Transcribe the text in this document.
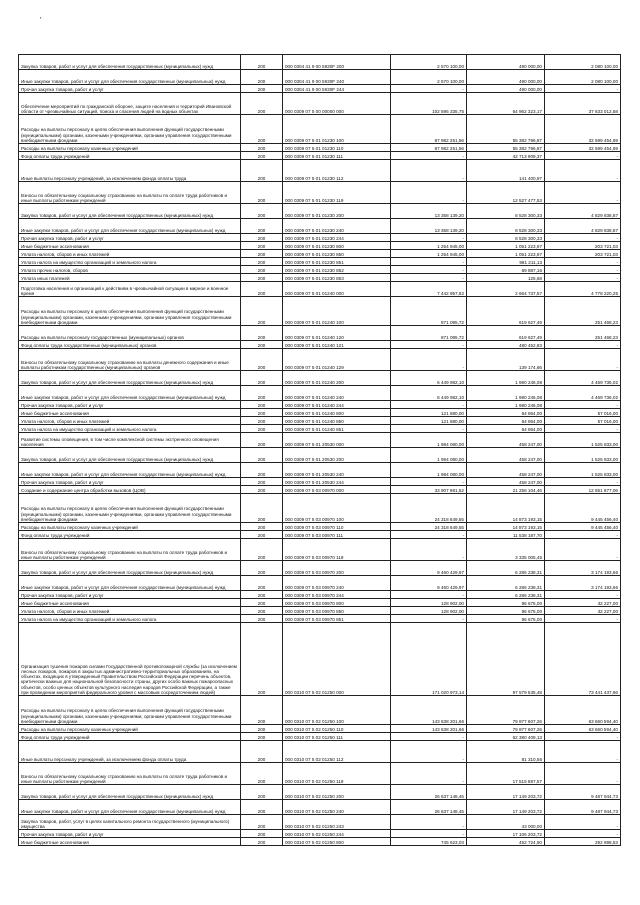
'
Закупка товаров, работ и услуг для обеспечения государственных (муниципальных) нужд	200	000 0304 41 9 00 5930F 200	2 570 100,00	490 000,00	2 080 100,00
Иные закупки товаров, работ и услуг для обеспечения государственных (муниципальных) нужд	200	000 0304 41 9 00 5930F 240	2 570 100,00	490 000,00	2 080 100,00
Прочая закупка товаров, работ и услуг	200	000 0304 41 9 00 5930F 244	-	490 000,00	-
Обеспечение мероприятий по гражданской обороне, защите населения и территорий Ивановской области от чрезвычайных ситуаций, поиска и спасения людей на водных объектах	200	000 0309 07 5 00 00000 000	102 595 335,75	64 962 323,17	37 633 012,58
Расходы на выплаты персоналу в целях обеспечения выполнения функций государственными (муниципальными) органами, казенными учреждениями, органами управления государственными внебюджетными фондами	200	000 0309 07 5 01 01230 100	87 982 251,56	55 382 796,87	32 599 454,69
Расходы на выплаты персоналу казенных учреждений	200	000 0309 07 5 01 01230 110	87 982 251,56	55 382 796,87	32 599 454,69
Фонд оплаты труда учреждений	200	000 0309 07 5 01 01230 111	-	42 713 909,37	-
Иные выплаты персоналу учреждений, за исключением фонда оплаты труда	200	000 0309 07 5 01 01230 112	-	141 400,97	-
Взносы по обязательному социальному страхованию на выплаты по оплате труда работников и иные выплаты работникам учреждений	200	000 0309 07 5 01 01230 119	-	12 527 477,53	-
Закупка товаров, работ и услуг для обеспечения государственных (муниципальных) нужд	200	000 0309 07 5 01 01230 200	13 358 139,20	8 528 300,33	4 829 838,87
Иные закупки товаров, работ и услуг для обеспечения государственных (муниципальных) нужд	200	000 0309 07 5 01 01230 240	13 358 139,20	8 528 300,33	4 829 838,87
Прочая закупка товаров, работ и услуг	200	000 0309 07 5 01 01230 244	-	8 528 300,33	-
Иные бюджетные ассигнования	200	000 0309 07 5 01 01230 800	1 254 945,00	1 051 223,97	203 721,03
Уплата налогов, сборов и иных платежей	200	000 0309 07 5 01 01230 850	1 254 945,00	1 051 223,97	203 721,03
Уплата налога на имущество организаций и земельного налога	200	000 0309 07 5 01 01230 851	-	981 211,13	-
Уплата прочих налогов, сборов	200	000 0309 07 5 01 01230 852	-	69 887,16	-
Уплата иных платежей	200	000 0309 07 5 01 01230 853	-	125,68	-
Подготовка населения и организаций к действиям в чрезвычайной ситуации в мирное и военное время	200	000 0309 07 5 01 01240 000	7 442 957,82	2 664 737,57	4 778 220,25
Расходы на выплаты персоналу в целях обеспечения выполнения функций государственными (муниципальными) органами, казенными учреждениями, органами управления государственными внебюджетными фондами	200	000 0309 07 5 01 01240 100	871 095,72	619 627,49	251 468,23
Расходы на выплаты персоналу государственных (муниципальных) органов	200	000 0309 07 5 01 01240 120	871 095,72	619 627,49	251 468,23
Фонд оплаты труда государственных (муниципальных) органов	200	000 0309 07 5 01 01240 121	-	480 452,83	-
Взносы по обязательному социальному страхованию на выплаты денежного содержания и иные выплаты работникам государственных (муниципальных) органов	200	000 0309 07 5 01 01240 129	-	139 174,66	-
Закупка товаров, работ и услуг для обеспечения государственных (муниципальных) нужд	200	000 0309 07 5 01 01240 200	6 449 982,10	1 980 246,08	4 469 736,02
Иные закупки товаров, работ и услуг для обеспечения государственных (муниципальных) нужд	200	000 0309 07 5 01 01240 240	6 449 982,10	1 980 246,08	4 469 736,02
Прочая закупка товаров, работ и услуг	200	000 0309 07 5 01 01240 244	-	1 980 246,08	-
Иные бюджетные ассигнования	200	000 0309 07 5 01 01240 800	121 880,00	64 864,00	57 016,00
Уплата налогов, сборов и иных платежей	200	000 0309 07 5 01 01240 850	121 880,00	64 864,00	57 016,00
Уплата налога на имущество организаций и земельного налога	200	000 0309 07 5 01 01240 851	-	64 864,00	-
Развитие системы оповещения, в том числе комплексной системы экстренного оповещения населения	200	000 0309 07 5 01 20530 000	1 984 080,00	458 247,00	1 525 833,00
Закупка товаров, работ и услуг для обеспечения государственных (муниципальных) нужд	200	000 0309 07 5 01 20530 200	1 984 080,00	458 247,00	1 525 833,00
Иные закупки товаров, работ и услуг для обеспечения государственных (муниципальных) нужд	200	000 0309 07 5 01 20530 240	1 984 080,00	458 247,00	1 525 833,00
Прочая закупка товаров, работ и услуг	200	000 0309 07 5 01 20530 244	-	458 247,00	-
Создание и содержание центра обработки вызовов (ЦОВ)	200	000 0309 07 5 03 00970 000	33 907 981,52	21 256 104,46	12 651 877,06
Расходы на выплаты персоналу в целях обеспечения выполнения функций государственными (муниципальными) органами, казенными учреждениями, органами управления государственными внебюджетными фондами	200	000 0309 07 5 03 00970 100	24 318 649,55	14 873 193,15	9 445 456,40
Расходы на выплаты персоналу казенных учреждений	200	000 0309 07 5 03 00970 110	24 318 649,55	14 873 193,15	9 445 456,40
Фонд оплаты труда учреждений	200	000 0309 07 5 03 00970 111	-	11 538 187,70	-
Взносы по обязательному социальному страхованию на выплаты по оплате труда работников и иные выплаты работникам учреждений	200	000 0309 07 5 03 00970 119	-	3 335 005,45	-
Закупка товаров, работ и услуг для обеспечения государственных (муниципальных) нужд	200	000 0309 07 5 03 00970 200	9 460 429,97	6 286 238,31	3 174 193,66
Иные закупки товаров, работ и услуг для обеспечения государственных (муниципальных) нужд	200	000 0309 07 5 03 00970 240	9 460 429,97	6 286 238,31	3 174 193,66
Прочая закупка товаров, работ и услуг	200	000 0309 07 5 03 00970 244	-	6 286 238,31	-
Иные бюджетные ассигнования	200	000 0309 07 5 03 00970 800	128 902,00	96 675,00	32 227,00
Уплата налогов, сборов и иных платежей	200	000 0309 07 5 03 00970 850	128 902,00	96 675,00	32 227,00
Уплата налога на имущество организаций и земельного налога	200	000 0309 07 5 03 00970 851	-	96 675,00	-
Организация тушения пожаров силами Государственной противопожарной службы (за исключением лесных пожаров, пожаров в закрытых административно-территориальных образованиях, на объектах, входящих в утвержденный Правительством Российской Федерации перечень объектов, критически важных для национальной безопасности страны, других особо важных пожароопасных объектов, особо ценных объектов культурного наследия народов Российской Федерации, а также при проведении мероприятий федерального уровня с массовым сосредоточением людей)	200	000 0310 07 5 02 01250 000	171 020 973,14	97 579 535,48	73 441 437,66
Расходы на выплаты персоналу в целях обеспечения выполнения функций государственными (муниципальными) органами, казенными учреждениями, органами управления государственными внебюджетными фондами	200	000 0310 07 5 02 01250 100	143 638 201,66	79 977 607,26	63 660 594,40
Расходы на выплаты персоналу казенных учреждений	200	000 0310 07 5 02 01250 110	143 638 201,66	79 977 607,26	63 660 594,40
Фонд оплаты труда учреждений	200	000 0310 07 5 02 01250 111	-	62 380 409,13	-
Иные выплаты персоналу учреждений, за исключением фонда оплаты труда	200	000 0310 07 5 02 01250 112	-	81 310,56	-
Взносы по обязательному социальному страхованию на выплаты по оплате труда работников и иные выплаты работникам учреждений	200	000 0310 07 5 02 01250 119	-	17 515 887,57	-
Закупка товаров, работ и услуг для обеспечения государственных (муниципальных) нужд	200	000 0310 07 5 02 01250 200	26 637 148,45	17 149 203,72	9 487 944,73
Иные закупки товаров, работ и услуг для обеспечения государственных (муниципальных) нужд	200	000 0310 07 5 02 01250 240	26 637 148,45	17 149 203,72	9 487 944,73
Закупка товаров, работ, услуг в целях капитального ремонта государственного (муниципального) имущества	200	000 0310 07 5 02 01250 243	-	43 000,00	-
Прочая закупка товаров, работ и услуг	200	000 0310 07 5 02 01250 244	-	17 106 203,72	-
Иные бюджетные ассигнования	200	000 0310 07 5 02 01250 800	745 623,03	452 724,50	292 898,53
